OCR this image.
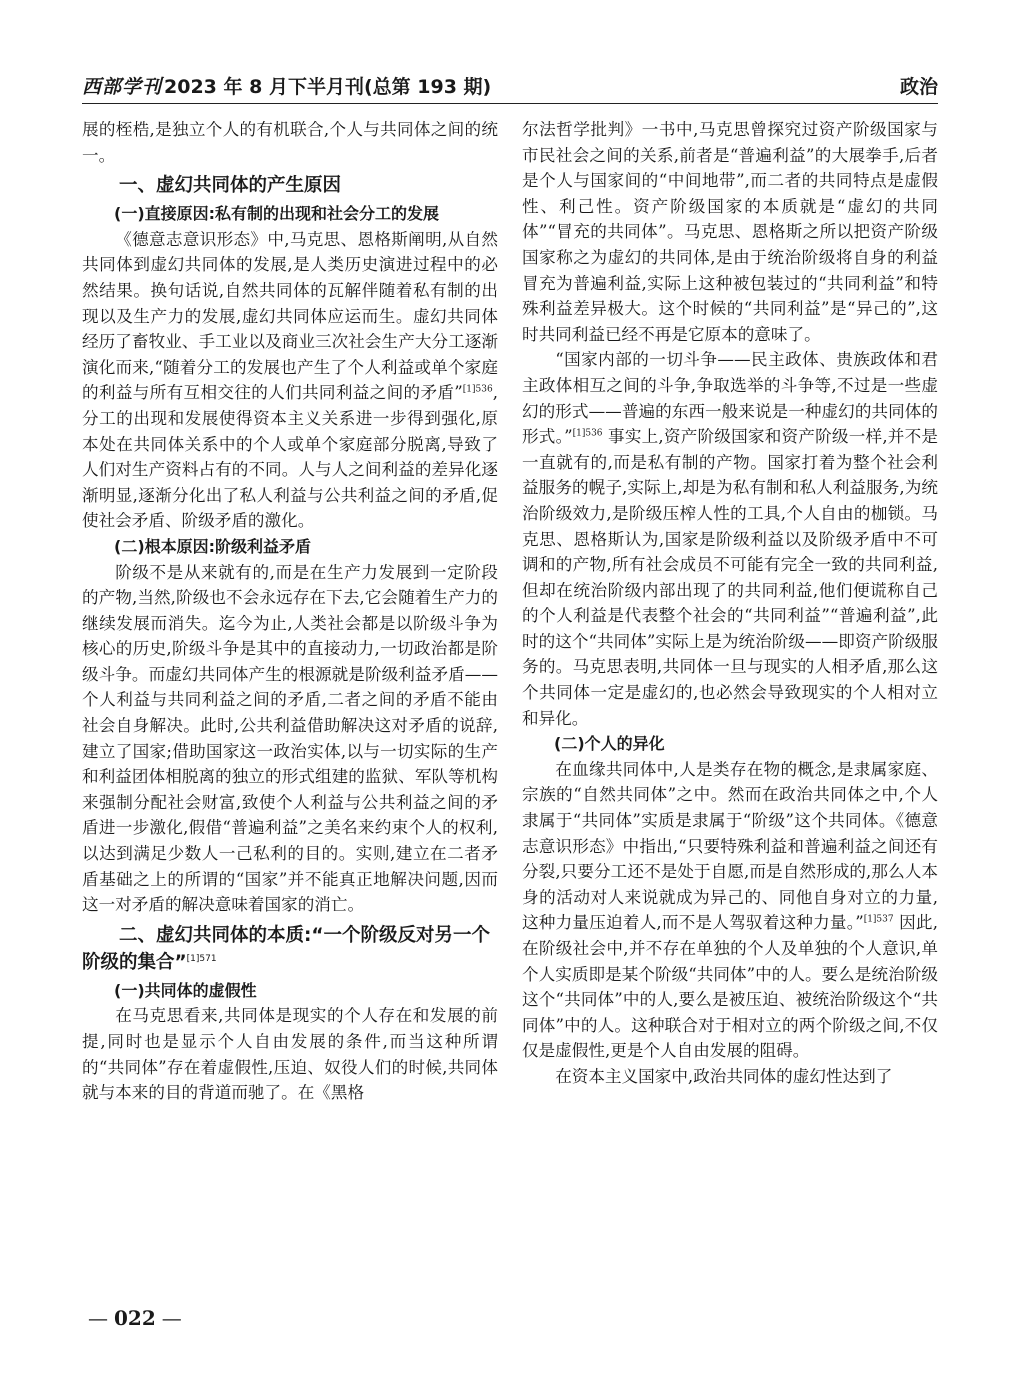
西部学刊 2023 年 8 月下半月刊(总第 193 期)	政治

展的桎梏,是独立个人的有机联合,个人与共同体之间的统一。

一、虚幻共同体的产生原因
(一)直接原因:私有制的出现和社会分工的发展

《德意志意识形态》中,马克思、恩格斯阐明,从自然共同体到虚幻共同体的发展,是人类历史演进过程中的必然结果。换句话说,自然共同体的瓦解伴随着私有制的出现以及生产力的发展,虚幻共同体应运而生。虚幻共同体经历了畜牧业、手工业以及商业三次社会生产大分工逐渐演化而来,“随着分工的发展也产生了个人利益或单个家庭的利益与所有互相交往的人们共同利益之间的矛盾”$^{[1]536}$,分工的出现和发展使得资本主义关系进一步得到强化,原本处在共同体关系中的个人或单个家庭部分脱离,导致了人们对生产资料占有的不同。人与人之间利益的差异化逐渐明显,逐渐分化出了私人利益与公共利益之间的矛盾,促使社会矛盾、阶级矛盾的激化。

(二)根本原因:阶级利益矛盾

阶级不是从来就有的,而是在生产力发展到一定阶段的产物,当然,阶级也不会永远存在下去,它会随着生产力的继续发展而消失。迄今为止,人类社会都是以阶级斗争为核心的历史,阶级斗争是其中的直接动力,一切政治都是阶级斗争。而虚幻共同体产生的根源就是阶级利益矛盾——个人利益与共同利益之间的矛盾,二者之间的矛盾不能由社会自身解决。此时,公共利益借助解决这对矛盾的说辞,建立了国家;借助国家这一政治实体,以与一切实际的生产和利益团体相脱离的独立的形式组建的监狱、军队等机构来强制分配社会财富,致使个人利益与公共利益之间的矛盾进一步激化,假借“普遍利益”之美名来约束个人的权利,以达到满足少数人一己私利的目的。实则,建立在二者矛盾基础之上的所谓的“国家”并不能真正地解决问题,因而这一对矛盾的解决意味着国家的消亡。

二、虚幻共同体的本质:“一个阶级反对另一个阶级的集合”$^{[1]571}$
(一)共同体的虚假性

在马克思看来,共同体是现实的个人存在和发展的前提,同时也是显示个人自由发展的条件,而当这种所谓的“共同体”存在着虚假性,压迫、奴役人们的时候,共同体就与本来的目的背道而驰了。在《黑格

尔法哲学批判》一书中,马克思曾探究过资产阶级国家与市民社会之间的关系,前者是“普遍利益”的大展拳手,后者是个人与国家间的“中间地带”,而二者的共同特点是虚假性、利己性。资产阶级国家的本质就是“虚幻的共同体”“冒充的共同体”。马克思、恩格斯之所以把资产阶级国家称之为虚幻的共同体,是由于统治阶级将自身的利益冒充为普遍利益,实际上这种被包装过的“共同利益”和特殊利益差异极大。这个时候的“共同利益”是“异己的”,这时共同利益已经不再是它原本的意味了。

“国家内部的一切斗争——民主政体、贵族政体和君主政体相互之间的斗争,争取选举的斗争等,不过是一些虚幻的形式——普遍的东西一般来说是一种虚幻的共同体的形式。”$^{[1]536}$ 事实上,资产阶级国家和资产阶级一样,并不是一直就有的,而是私有制的产物。国家打着为整个社会利益服务的幌子,实际上,却是为私有制和私人利益服务,为统治阶级效力,是阶级压榨人性的工具,个人自由的枷锁。马克思、恩格斯认为,国家是阶级利益以及阶级矛盾中不可调和的产物,所有社会成员不可能有完全一致的共同利益,但却在统治阶级内部出现了的共同利益,他们便谎称自己的个人利益是代表整个社会的“共同利益”“普遍利益”,此时的这个“共同体”实际上是为统治阶级——即资产阶级服务的。马克思表明,共同体一旦与现实的人相矛盾,那么这个共同体一定是虚幻的,也必然会导致现实的个人相对立和异化。

(二)个人的异化

在血缘共同体中,人是类存在物的概念,是隶属家庭、宗族的“自然共同体”之中。然而在政治共同体之中,个人隶属于“共同体”实质是隶属于“阶级”这个共同体。《德意志意识形态》中指出,“只要特殊利益和普遍利益之间还有分裂,只要分工还不是处于自愿,而是自然形成的,那么人本身的活动对人来说就成为异己的、同他自身对立的力量,这种力量压迫着人,而不是人驾驭着这种力量。”$^{[1]537}$ 因此,在阶级社会中,并不存在单独的个人及单独的个人意识,单个人实质即是某个阶级“共同体”中的人。要么是统治阶级这个“共同体”中的人,要么是被压迫、被统治阶级这个“共同体”中的人。这种联合对于相对立的两个阶级之间,不仅仅是虚假性,更是个人自由发展的阻碍。

在资本主义国家中,政治共同体的虚幻性达到了

— 022 —
